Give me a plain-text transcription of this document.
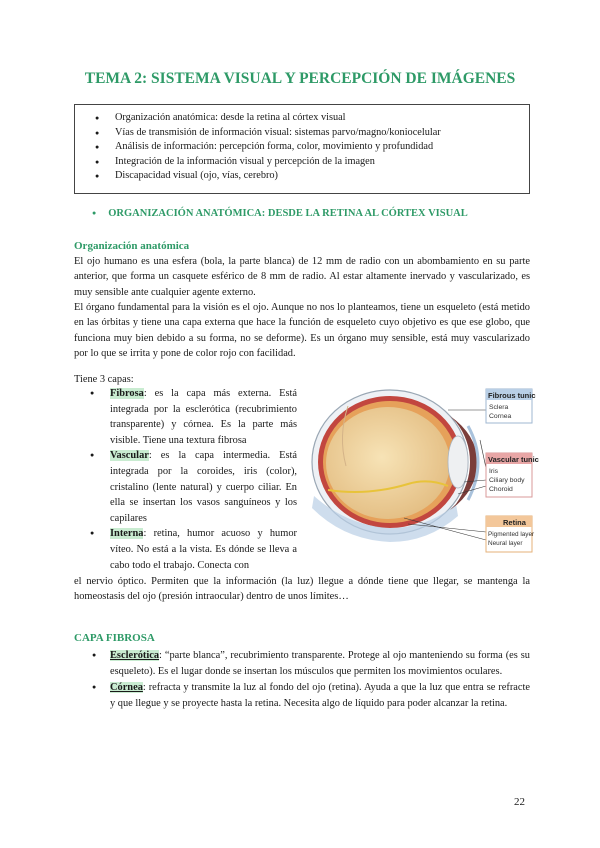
TEMA 2: SISTEMA VISUAL Y PERCEPCIÓN DE IMÁGENES
● Organización anatómica: desde la retina al córtex visual
● Vías de transmisión de información visual: sistemas parvo/magno/koniocelular
● Análisis de información: percepción forma, color, movimiento y profundidad
● Integración de la información visual y percepción de la imagen
● Discapacidad visual (ojo, vías, cerebro)
● ORGANIZACIÓN ANATÓMICA: DESDE LA RETINA AL CÓRTEX VISUAL
Organización anatómica
El ojo humano es una esfera (bola, la parte blanca) de 12 mm de radio con un abombamiento en su parte anterior, que forma un casquete esférico de 8 mm de radio. Al estar altamente inervado y vascularizado, es muy sensible ante cualquier agente externo.
El órgano fundamental para la visión es el ojo. Aunque no nos lo planteamos, tiene un esqueleto (está metido en las órbitas y tiene una capa externa que hace la función de esqueleto cuyo objetivo es que ese globo, que funciona muy bien debido a su forma, no se deforme). Es un órgano muy sensible, está muy vascularizado por lo que se irrita y pone de color rojo con facilidad.
Tiene 3 capas:
● Fibrosa: es la capa más externa. Está integrada por la esclerótica (recubrimiento transparente) y córnea. Es la parte más visible. Tiene una textura fibrosa
● Vascular: es la capa intermedia. Está integrada por la coroides, iris (color), cristalino (lente natural) y cuerpo ciliar. En ella se insertan los vasos sanguíneos y los capilares
● Interna: retina, humor acuoso y humor víteo. No está a la vista. Es dónde se lleva a cabo todo el trabajo. Conecta con
el nervio óptico. Permiten que la información (la luz) llegue a dónde tiene que llegar, se mantenga la homeostasis del ojo (presión intraocular) dentro de unos límites…
Fibrous tunic
Sclera
Cornea
Vascular tunic
Iris
Ciliary body
Choroid
Retina
Pigmented layer
Neural layer
CAPA FIBROSA
● Esclerótica: “parte blanca”, recubrimiento transparente. Protege al ojo manteniendo su forma (es su esqueleto). Es el lugar donde se insertan los músculos que permiten los movimientos oculares.
● Córnea: refracta y transmite la luz al fondo del ojo (retina). Ayuda a que la luz que entra se refracte y que llegue y se proyecte hasta la retina. Necesita algo de líquido para poder alcanzar la retina.
22
